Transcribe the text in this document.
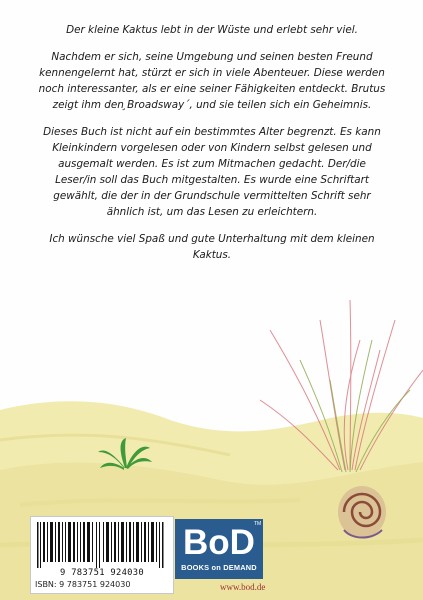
Der kleine Kaktus lebt in der Wüste und erlebt sehr viel.

Nachdem er sich, seine Umgebung und seinen besten Freund kennengelernt hat, stürzt er sich in viele Abenteuer. Diese werden noch interessanter, als er eine seiner Fähigkeiten entdeckt. Brutus zeigt ihm den ̧Broadsway´, und sie teilen sich ein Geheimnis.

Dieses Buch ist nicht auf ein bestimmtes Alter begrenzt. Es kann Kleinkindern vorgelesen oder von Kindern selbst gelesen und ausgemalt werden. Es ist zum Mitmachen gedacht. Der/die Leser/in soll das Buch mitgestalten. Es wurde eine Schriftart gewählt, die der in der Grundschule vermittelten Schrift sehr ähnlich ist, um das Lesen zu erleichtern.

Ich wünsche viel Spaß und gute Unterhaltung mit dem kleinen Kaktus.

9 783751 924030
ISBN: 9 783751 924030
TM
BoD
BOOKS on DEMAND
www.bod.de
